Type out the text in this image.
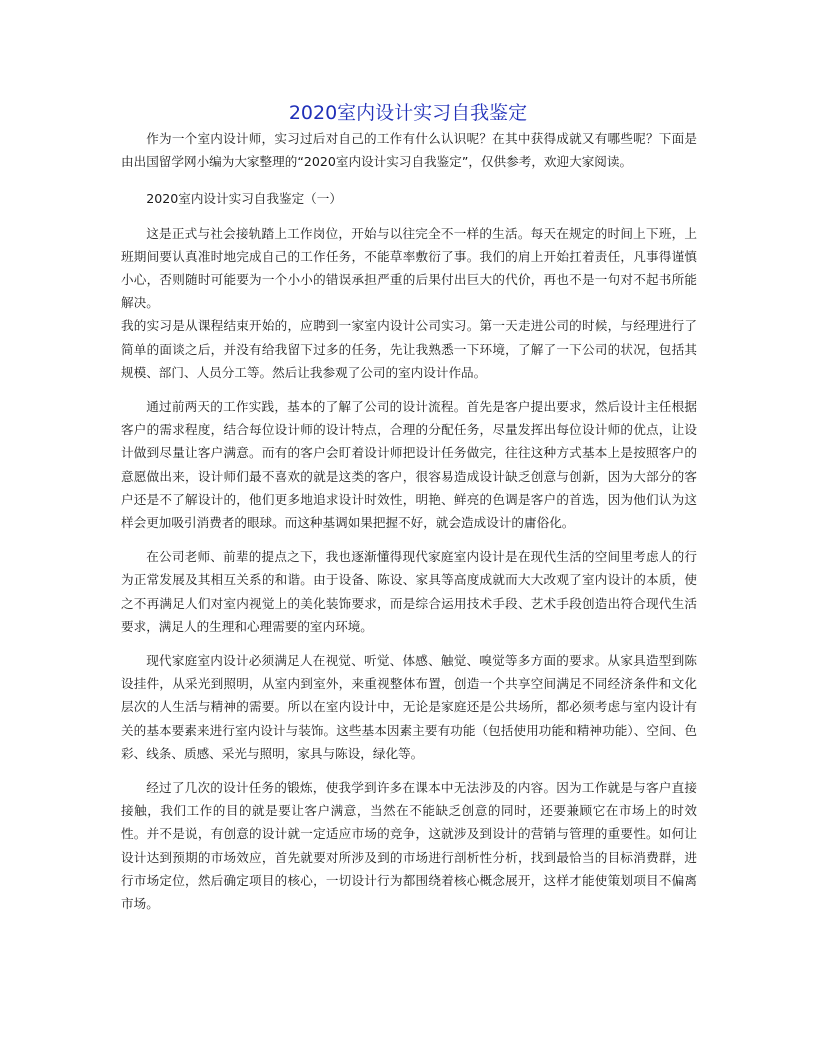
2020室内设计实习自我鉴定

作为一个室内设计师，实习过后对自己的工作有什么认识呢？在其中获得成就又有哪些呢？下面是由出国留学网小编为大家整理的“2020室内设计实习自我鉴定”，仅供参考，欢迎大家阅读。

2020室内设计实习自我鉴定（一）

这是正式与社会接轨踏上工作岗位，开始与以往完全不一样的生活。每天在规定的时间上下班，上班期间要认真准时地完成自己的工作任务，不能草率敷衍了事。我们的肩上开始扛着责任，凡事得谨慎小心，否则随时可能要为一个小小的错误承担严重的后果付出巨大的代价，再也不是一句对不起书所能解决。

我的实习是从课程结束开始的，应聘到一家室内设计公司实习。第一天走进公司的时候，与经理进行了简单的面谈之后，并没有给我留下过多的任务，先让我熟悉一下环境，了解了一下公司的状况，包括其规模、部门、人员分工等。然后让我参观了公司的室内设计作品。

通过前两天的工作实践，基本的了解了公司的设计流程。首先是客户提出要求，然后设计主任根据客户的需求程度，结合每位设计师的设计特点，合理的分配任务，尽量发挥出每位设计师的优点，让设计做到尽量让客户满意。而有的客户会盯着设计师把设计任务做完，往往这种方式基本上是按照客户的意愿做出来，设计师们最不喜欢的就是这类的客户，很容易造成设计缺乏创意与创新，因为大部分的客户还是不了解设计的，他们更多地追求设计时效性，明艳、鲜亮的色调是客户的首选，因为他们认为这样会更加吸引消费者的眼球。而这种基调如果把握不好，就会造成设计的庸俗化。

在公司老师、前辈的提点之下，我也逐渐懂得现代家庭室内设计是在现代生活的空间里考虑人的行为正常发展及其相互关系的和谐。由于设备、陈设、家具等高度成就而大大改观了室内设计的本质，使之不再满足人们对室内视觉上的美化装饰要求，而是综合运用技术手段、艺术手段创造出符合现代生活要求，满足人的生理和心理需要的室内环境。

现代家庭室内设计必须满足人在视觉、听觉、体感、触觉、嗅觉等多方面的要求。从家具造型到陈设挂件，从采光到照明，从室内到室外，来重视整体布置，创造一个共享空间满足不同经济条件和文化层次的人生活与精神的需要。所以在室内设计中，无论是家庭还是公共场所，都必须考虑与室内设计有关的基本要素来进行室内设计与装饰。这些基本因素主要有功能（包括使用功能和精神功能）、空间、色彩、线条、质感、采光与照明，家具与陈设，绿化等。

经过了几次的设计任务的锻炼，使我学到许多在课本中无法涉及的内容。因为工作就是与客户直接接触，我们工作的目的就是要让客户满意，当然在不能缺乏创意的同时，还要兼顾它在市场上的时效性。并不是说，有创意的设计就一定适应市场的竞争，这就涉及到设计的营销与管理的重要性。如何让设计达到预期的市场效应，首先就要对所涉及到的市场进行剖析性分析，找到最恰当的目标消费群，进行市场定位，然后确定项目的核心，一切设计行为都围绕着核心概念展开，这样才能使策划项目不偏离市场。
